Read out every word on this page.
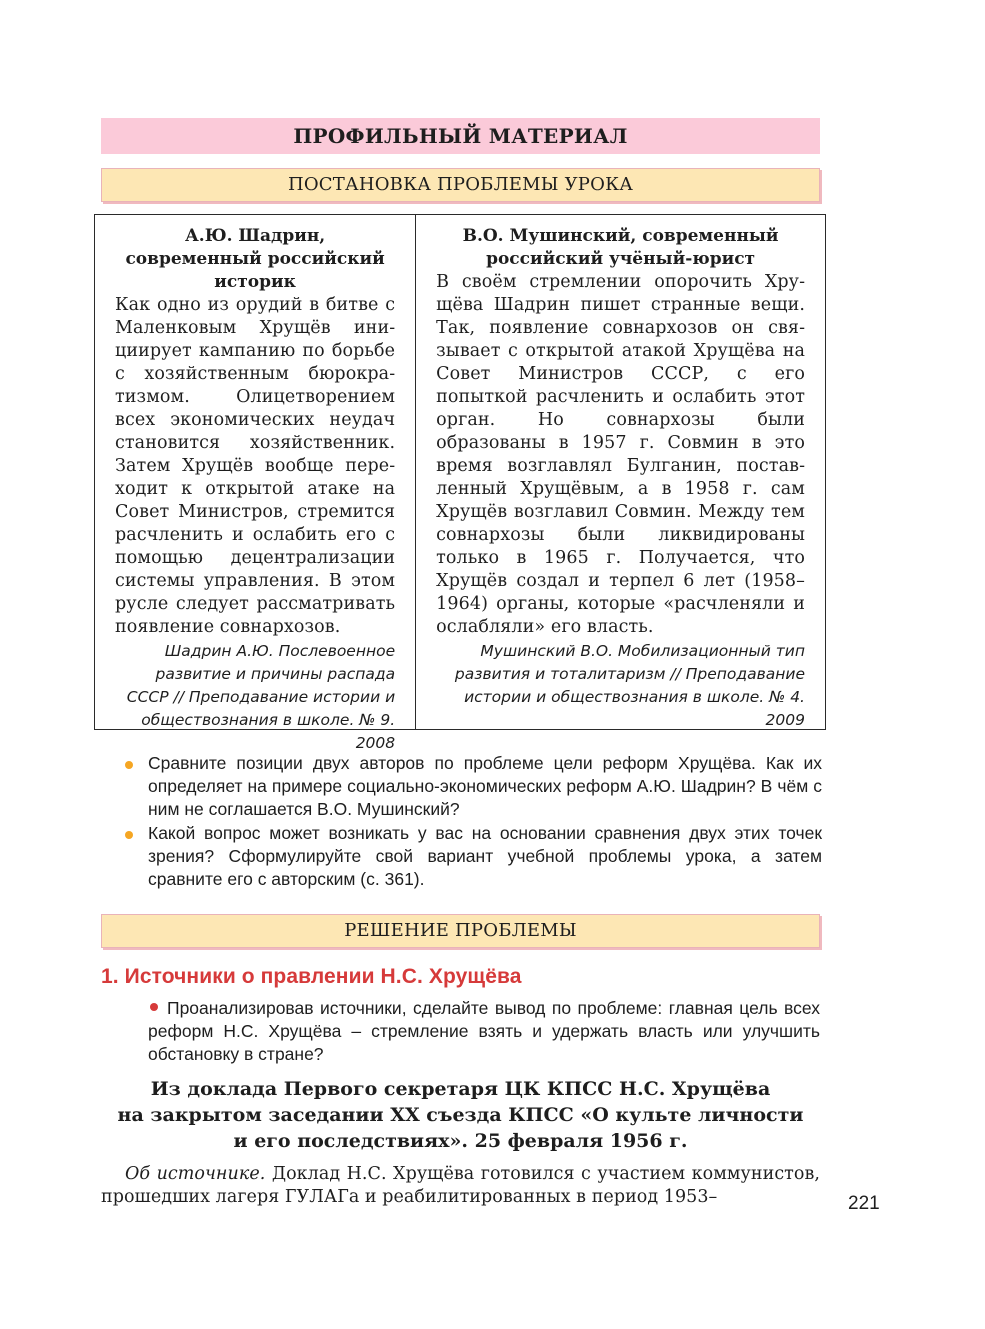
ПРОФИЛЬНЫЙ МАТЕРИАЛ
ПОСТАНОВКА ПРОБЛЕМЫ УРОКА
А.Ю. Шадрин, современный российский историк
Как одно из орудий в битве с Маленковым Хрущёв инициирует кампанию по борьбе с хозяйственным бюрократизмом. Олицетворением всех экономических неудач становится хозяйственник. Затем Хрущёв вообще переходит к открытой атаке на Совет Министров, стремится расчленить и ослабить его с помощью децентрализации системы управления. В этом русле следует рассматривать появление совнархозов.
Шадрин А.Ю. Послевоенное развитие и причины распада СССР // Преподавание истории и обществознания в школе. № 9. 2008
В.О. Мушинский, современный российский учёный-юрист
В своём стремлении опорочить Хрущёва Шадрин пишет странные вещи. Так, появление совнархозов он связывает с открытой атакой Хрущёва на Совет Министров СССР, с его попыткой расчленить и ослабить этот орган. Но совнархозы были образованы в 1957 г. Совмин в это время возглавлял Булганин, поставленный Хрущёвым, а в 1958 г. сам Хрущёв возглавил Совмин. Между тем совнархозы были ликвидированы только в 1965 г. Получается, что Хрущёв создал и терпел 6 лет (1958–1964) органы, которые «расчленяли и ослабляли» его власть.
Мушинский В.О. Мобилизационный тип развития и тоталитаризм // Преподавание истории и обществознания в школе. № 4. 2009
Сравните позиции двух авторов по проблеме цели реформ Хрущёва. Как их определяет на примере социально-экономических реформ А.Ю. Шадрин? В чём с ним не соглашается В.О. Мушинский?
Какой вопрос может возникать у вас на основании сравнения двух этих точек зрения? Сформулируйте свой вариант учебной проблемы урока, а затем сравните его с авторским (с. 361).
РЕШЕНИЕ ПРОБЛЕМЫ
1. Источники о правлении Н.С. Хрущёва
Проанализировав источники, сделайте вывод по проблеме: главная цель всех реформ Н.С. Хрущёва – стремление взять и удержать власть или улучшить обстановку в стране?
Из доклада Первого секретаря ЦК КПСС Н.С. Хрущёва
на закрытом заседании XX съезда КПСС «О культе личности
и его последствиях». 25 февраля 1956 г.
Об источнике. Доклад Н.С. Хрущёва готовился с участием коммунистов, прошедших лагеря ГУЛАГа и реабилитированных в период 1953–	221
